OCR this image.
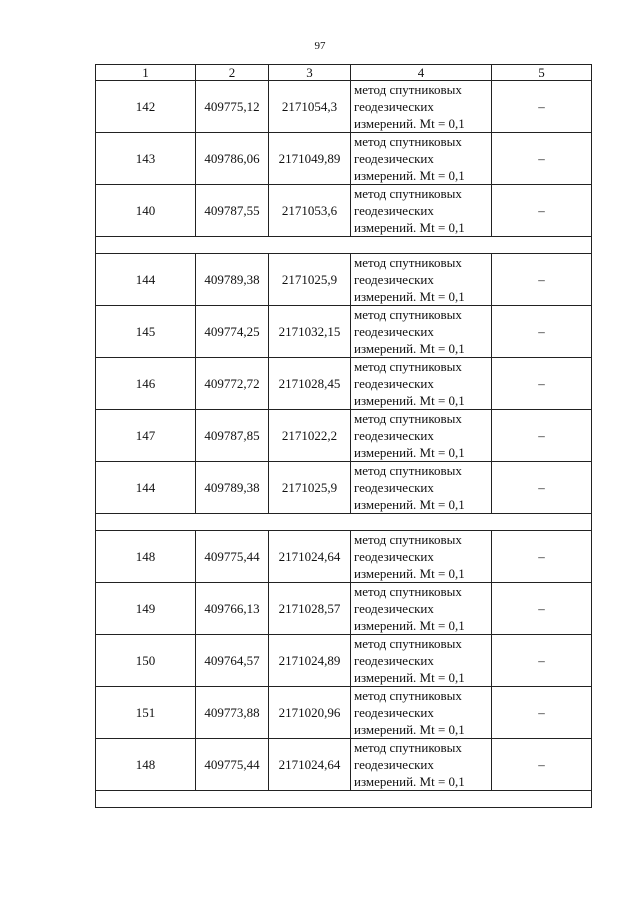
97
1	2	3	4	5
142	409775,12	2171054,3	метод спутниковых
геодезических
измерений. Mt = 0,1	–
143	409786,06	2171049,89	метод спутниковых
геодезических
измерений. Mt = 0,1	–
140	409787,55	2171053,6	метод спутниковых
геодезических
измерений. Mt = 0,1	–

144	409789,38	2171025,9	метод спутниковых
геодезических
измерений. Mt = 0,1	–
145	409774,25	2171032,15	метод спутниковых
геодезических
измерений. Mt = 0,1	–
146	409772,72	2171028,45	метод спутниковых
геодезических
измерений. Mt = 0,1	–
147	409787,85	2171022,2	метод спутниковых
геодезических
измерений. Mt = 0,1	–
144	409789,38	2171025,9	метод спутниковых
геодезических
измерений. Mt = 0,1	–

148	409775,44	2171024,64	метод спутниковых
геодезических
измерений. Mt = 0,1	–
149	409766,13	2171028,57	метод спутниковых
геодезических
измерений. Mt = 0,1	–
150	409764,57	2171024,89	метод спутниковых
геодезических
измерений. Mt = 0,1	–
151	409773,88	2171020,96	метод спутниковых
геодезических
измерений. Mt = 0,1	–
148	409775,44	2171024,64	метод спутниковых
геодезических
измерений. Mt = 0,1	–
